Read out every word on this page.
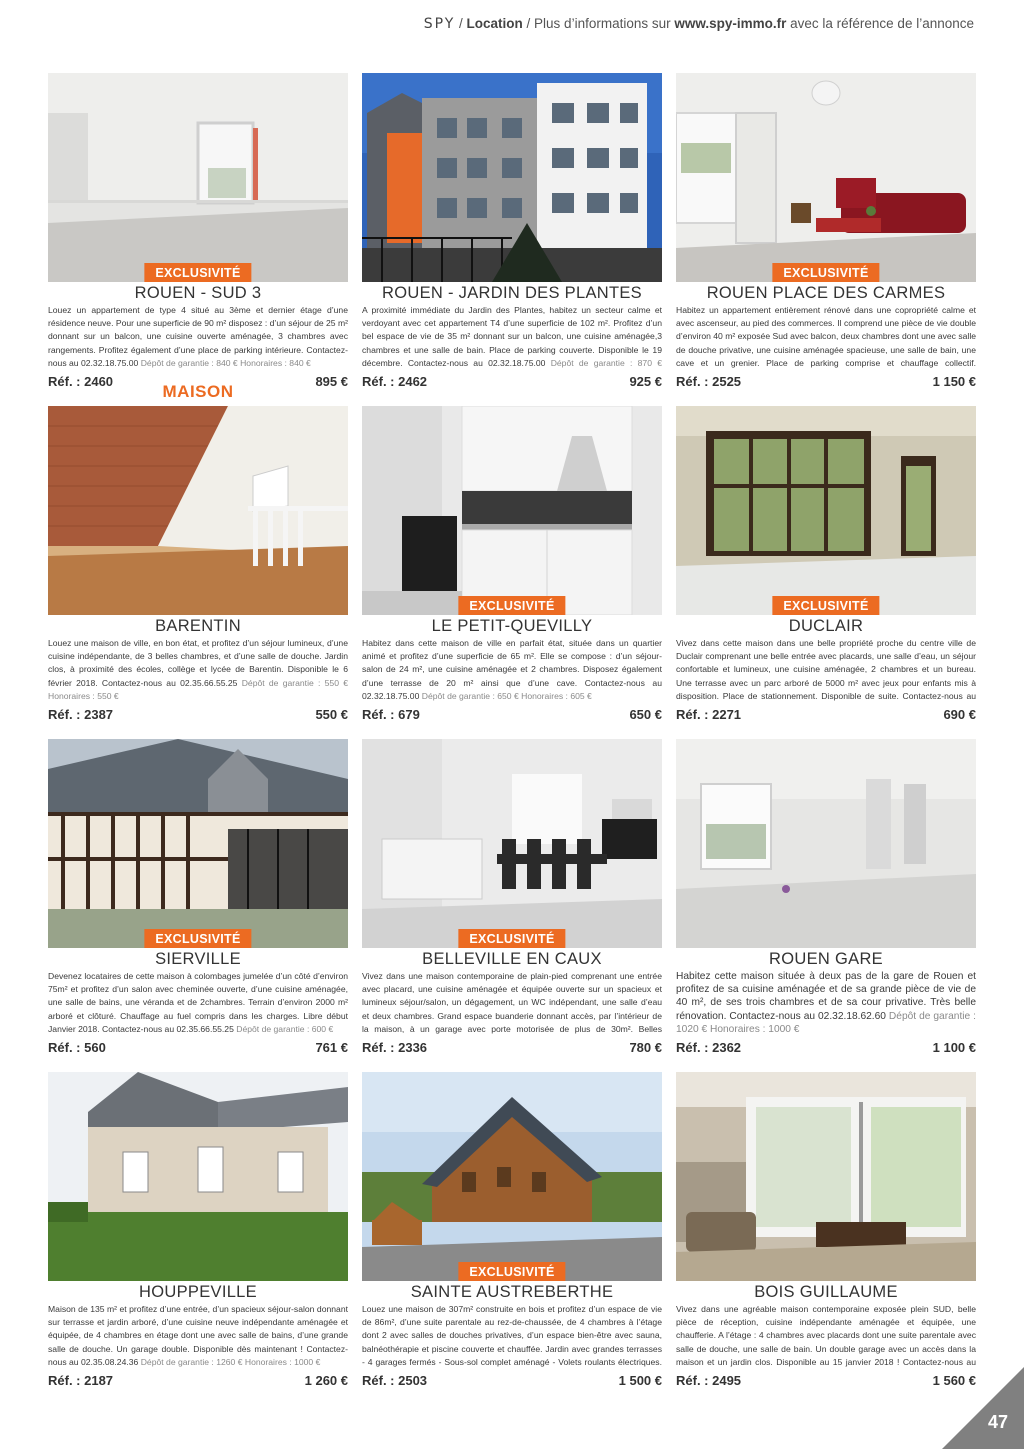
SPY / Location / Plus d’informations sur www.spy-immo.fr avec la référence de l’annonce
MAISON
EXCLUSIVITÉ
ROUEN - SUD 3
Louez un appartement de type 4 situé au 3ème et dernier étage d’une résidence neuve. Pour une superficie de 90 m² disposez : d’un séjour de 25 m² donnant sur un balcon, une cuisine ouverte aménagée, 3 chambres avec rangements. Profitez également d’une place de parking intérieure. Contactez-nous au 02.32.18.75.00 Dépôt de garantie : 840 € Honoraires : 840 €
Réf. : 2460	895 €
ROUEN - JARDIN DES PLANTES
A proximité immédiate du Jardin des Plantes, habitez un secteur calme et verdoyant avec cet appartement T4 d’une superficie de 102 m². Profitez d’un bel espace de vie de 35 m² donnant sur un balcon, une cuisine aménagée,3 chambres et une salle de bain. Place de parking couverte. Disponible le 19 décembre. Contactez-nous au 02.32.18.75.00 Dépôt de garantie : 870 €
Réf. : 2462	925 €
EXCLUSIVITÉ
ROUEN PLACE DES CARMES
Habitez un appartement entièrement rénové dans une copropriété calme et avec ascenseur, au pied des commerces. Il comprend une pièce de vie double d’environ 40 m² exposée Sud avec balcon, deux chambres dont une avec salle de douche privative, une cuisine aménagée spacieuse, une salle de bain, une cave et un grenier. Place de parking comprise et chauffage collectif.
Réf. : 2525	1 150 €
BARENTIN
Louez une maison de ville, en bon état, et profitez d’un séjour lumineux, d’une cuisine indépendante, de 3 belles chambres, et d’une salle de douche. Jardin clos, à proximité des écoles, collège et lycée de Barentin. Disponible le 6 février 2018. Contactez-nous au 02.35.66.55.25 Dépôt de garantie : 550 € Honoraires : 550 €
Réf. : 2387	550 €
EXCLUSIVITÉ
LE PETIT-QUEVILLY
Habitez dans cette maison de ville en parfait état, située dans un quartier animé et profitez d’une superficie de 65 m². Elle se compose : d’un séjour-salon de 24 m², une cuisine aménagée et 2 chambres. Disposez également d’une terrasse de 20 m² ainsi que d’une cave. Contactez-nous au 02.32.18.75.00 Dépôt de garantie : 650 € Honoraires : 605 €
Réf. : 679	650 €
EXCLUSIVITÉ
DUCLAIR
Vivez dans cette maison dans une belle propriété proche du centre ville de Duclair comprenant une belle entrée avec placards, une salle d’eau, un séjour confortable et lumineux, une cuisine aménagée, 2 chambres et un bureau. Une terrasse avec un parc arboré de 5000 m² avec jeux pour enfants mis à disposition. Place de stationnement. Disponible de suite. Contactez-nous au
Réf. : 2271	690 €
EXCLUSIVITÉ
SIERVILLE
Devenez locataires de cette maison à colombages jumelée d’un côté d’environ 75m² et profitez d’un salon avec cheminée ouverte, d’une cuisine aménagée, une salle de bains, une véranda et de 2chambres. Terrain d’environ 2000 m² arboré et clôturé. Chauffage au fuel compris dans les charges. Libre début Janvier 2018. Contactez-nous au 02.35.66.55.25 Dépôt de garantie : 600 €
Réf. : 560	761 €
EXCLUSIVITÉ
BELLEVILLE EN CAUX
Vivez dans une maison contemporaine de plain-pied comprenant une entrée avec placard, une cuisine aménagée et équipée ouverte sur un spacieux et lumineux séjour/salon, un dégagement, un WC indépendant, une salle d’eau et deux chambres. Grand espace buanderie donnant accès, par l’intérieur de la maison, à un garage avec porte motorisée de plus de 30m². Belles
Réf. : 2336	780 €
ROUEN GARE
Habitez cette maison située à deux pas de la gare de Rouen et profitez de sa cuisine aménagée et de sa grande pièce de vie de 40 m², de ses trois chambres et de sa cour privative. Très belle rénovation. Contactez-nous au 02.32.18.62.60 Dépôt de garantie : 1020 € Honoraires : 1000 €
Réf. : 2362	1 100 €
HOUPPEVILLE
Maison de 135 m² et profitez d’une entrée, d’un spacieux séjour-salon donnant sur terrasse et jardin arboré, d’une cuisine neuve indépendante aménagée et équipée, de 4 chambres en étage dont une avec salle de bains, d’une grande salle de douche. Un garage double. Disponible dès maintenant ! Contactez-nous au 02.35.08.24.36 Dépôt de garantie : 1260 € Honoraires : 1000 €
Réf. : 2187	1 260 €
EXCLUSIVITÉ
SAINTE AUSTREBERTHE
Louez une maison de 307m² construite en bois et profitez d’un espace de vie de 86m², d’une suite parentale au rez-de-chaussée, de 4 chambres à l’étage dont 2 avec salles de douches privatives, d’un espace bien-être avec sauna, balnéothérapie et piscine couverte et chauffée. Jardin avec grandes terrasses - 4 garages fermés - Sous-sol complet aménagé - Volets roulants électriques.
Réf. : 2503	1 500 €
BOIS GUILLAUME
Vivez dans une agréable maison contemporaine exposée plein SUD, belle pièce de réception, cuisine indépendante aménagée et équipée, une chaufferie. A l’étage : 4 chambres avec placards dont une suite parentale avec salle de douche, une salle de bain. Un double garage avec un accès dans la maison et un jardin clos. Disponible au 15 janvier 2018 ! Contactez-nous au
Réf. : 2495	1 560 €
47
